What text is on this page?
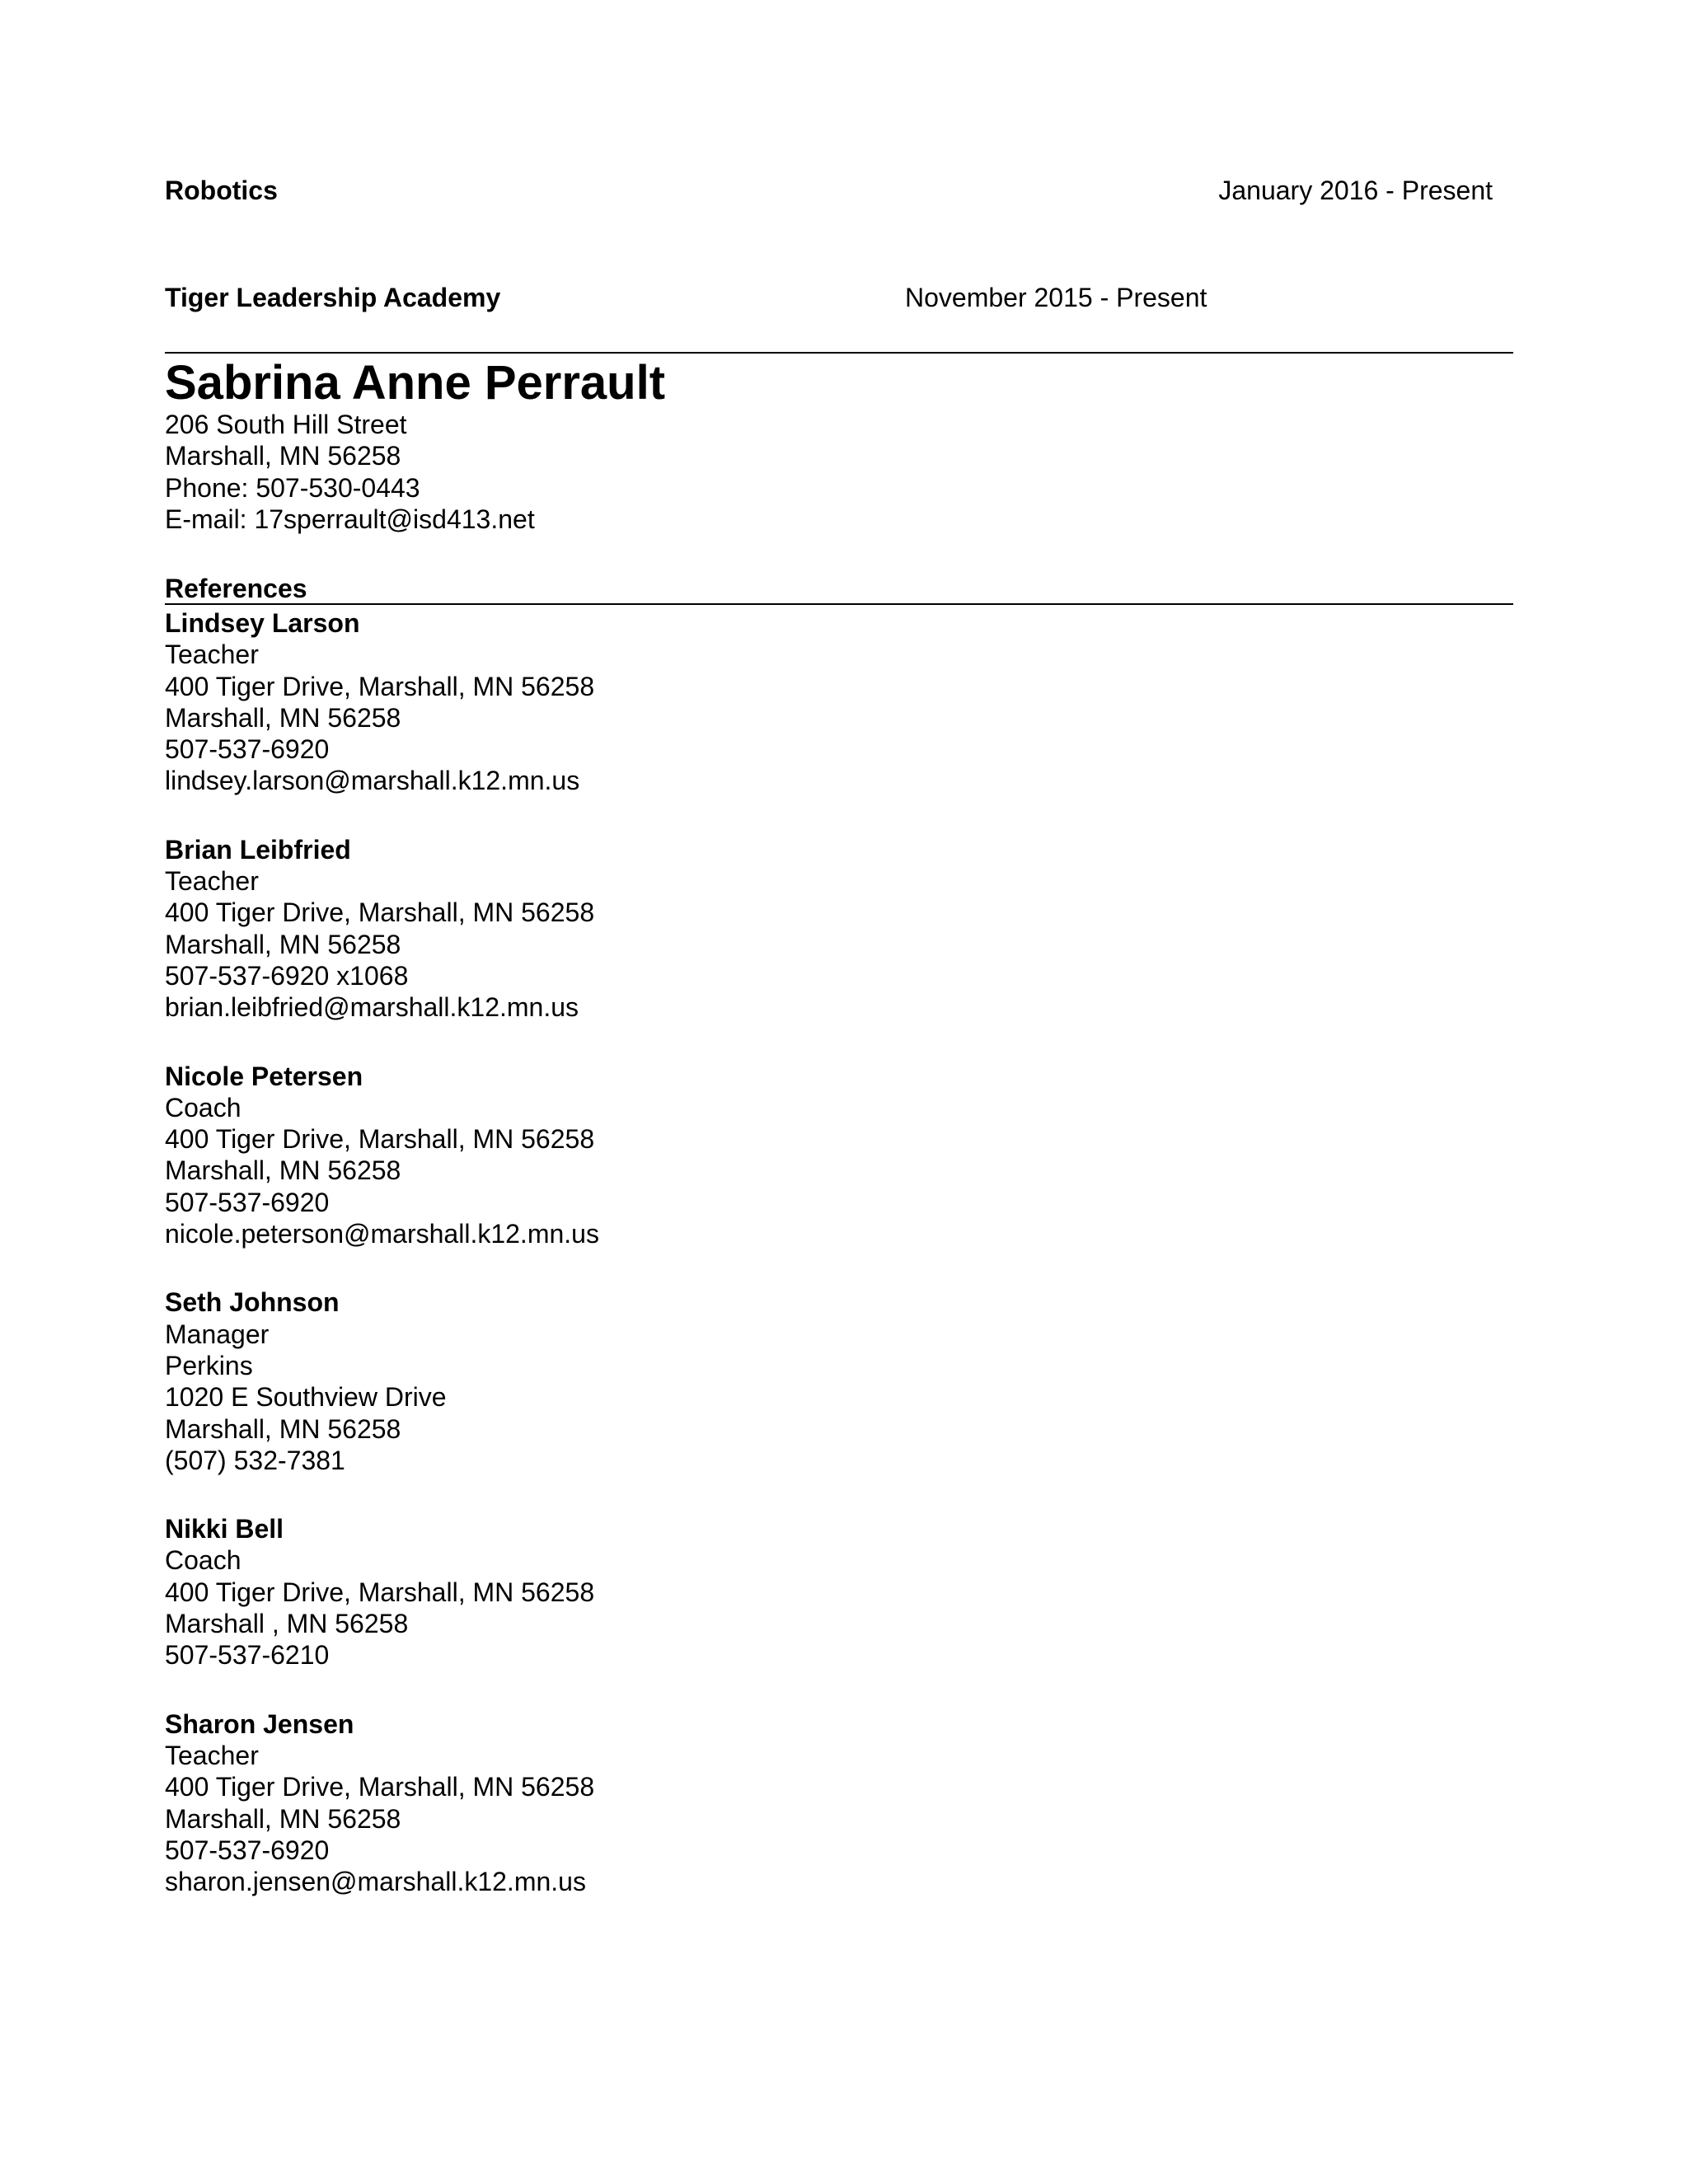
Robotics	January 2016 - Present
Tiger Leadership Academy	November 2015 - Present
Sabrina Anne Perrault
206 South Hill Street
Marshall, MN 56258
Phone: 507-530-0443
E-mail: 17sperrault@isd413.net
References
Lindsey Larson
Teacher
400 Tiger Drive, Marshall, MN 56258
Marshall, MN 56258
507-537-6920
lindsey.larson@marshall.k12.mn.us
Brian Leibfried
Teacher
400 Tiger Drive, Marshall, MN 56258
Marshall, MN 56258
507-537-6920 x1068
brian.leibfried@marshall.k12.mn.us
Nicole Petersen
Coach
400 Tiger Drive, Marshall, MN 56258
Marshall, MN 56258
507-537-6920
nicole.peterson@marshall.k12.mn.us
Seth Johnson
Manager
Perkins
1020 E Southview Drive
Marshall, MN 56258
(507) 532-7381
Nikki Bell
Coach
400 Tiger Drive, Marshall, MN 56258
Marshall , MN 56258
507-537-6210
Sharon Jensen
Teacher
400 Tiger Drive, Marshall, MN 56258
Marshall, MN 56258
507-537-6920
sharon.jensen@marshall.k12.mn.us
